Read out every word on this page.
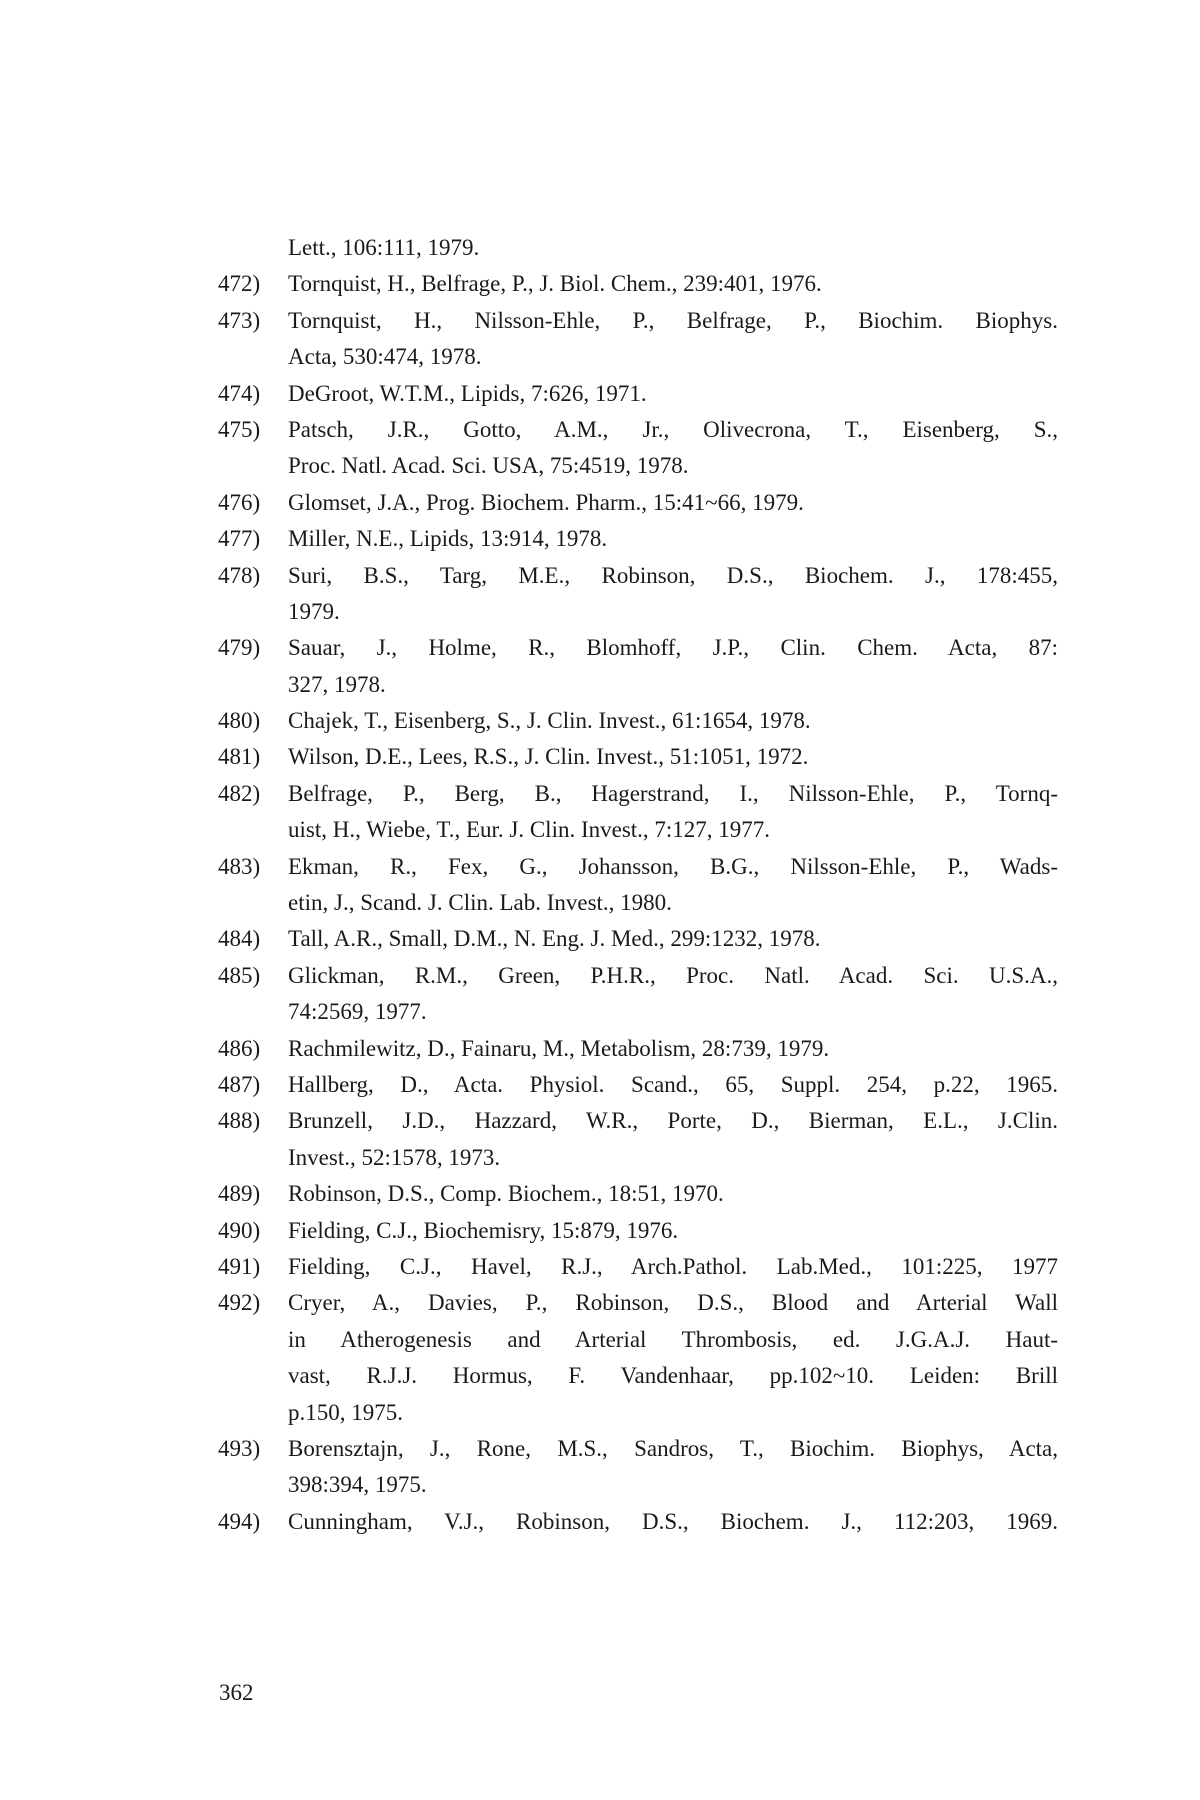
Lett., 106:111, 1979.
472) Tornquist, H., Belfrage, P., J. Biol. Chem., 239:401, 1976.
473) Tornquist, H., Nilsson-Ehle, P., Belfrage, P., Biochim. Biophys.
Acta, 530:474, 1978.
474) DeGroot, W.T.M., Lipids, 7:626, 1971.
475) Patsch, J.R., Gotto, A.M., Jr., Olivecrona, T., Eisenberg, S.,
Proc. Natl. Acad. Sci. USA, 75:4519, 1978.
476) Glomset, J.A., Prog. Biochem. Pharm., 15:41~66, 1979.
477) Miller, N.E., Lipids, 13:914, 1978.
478) Suri, B.S., Targ, M.E., Robinson, D.S., Biochem. J., 178:455,
1979.
479) Sauar, J., Holme, R., Blomhoff, J.P., Clin. Chem. Acta, 87:
327, 1978.
480) Chajek, T., Eisenberg, S., J. Clin. Invest., 61:1654, 1978.
481) Wilson, D.E., Lees, R.S., J. Clin. Invest., 51:1051, 1972.
482) Belfrage, P., Berg, B., Hagerstrand, I., Nilsson-Ehle, P., Tornq-
uist, H., Wiebe, T., Eur. J. Clin. Invest., 7:127, 1977.
483) Ekman, R., Fex, G., Johansson, B.G., Nilsson-Ehle, P., Wads-
etin, J., Scand. J. Clin. Lab. Invest., 1980.
484) Tall, A.R., Small, D.M., N. Eng. J. Med., 299:1232, 1978.
485) Glickman, R.M., Green, P.H.R., Proc. Natl. Acad. Sci. U.S.A.,
74:2569, 1977.
486) Rachmilewitz, D., Fainaru, M., Metabolism, 28:739, 1979.
487) Hallberg, D., Acta. Physiol. Scand., 65, Suppl. 254, p.22, 1965.
488) Brunzell, J.D., Hazzard, W.R., Porte, D., Bierman, E.L., J.Clin.
Invest., 52:1578, 1973.
489) Robinson, D.S., Comp. Biochem., 18:51, 1970.
490) Fielding, C.J., Biochemisry, 15:879, 1976.
491) Fielding, C.J., Havel, R.J., Arch.Pathol. Lab.Med., 101:225, 1977
492) Cryer, A., Davies, P., Robinson, D.S., Blood and Arterial Wall
in Atherogenesis and Arterial Thrombosis, ed. J.G.A.J. Haut-
vast, R.J.J. Hormus, F. Vandenhaar, pp.102~10. Leiden: Brill
p.150, 1975.
493) Borensztajn, J., Rone, M.S., Sandros, T., Biochim. Biophys, Acta,
398:394, 1975.
494) Cunningham, V.J., Robinson, D.S., Biochem. J., 112:203, 1969.
362
